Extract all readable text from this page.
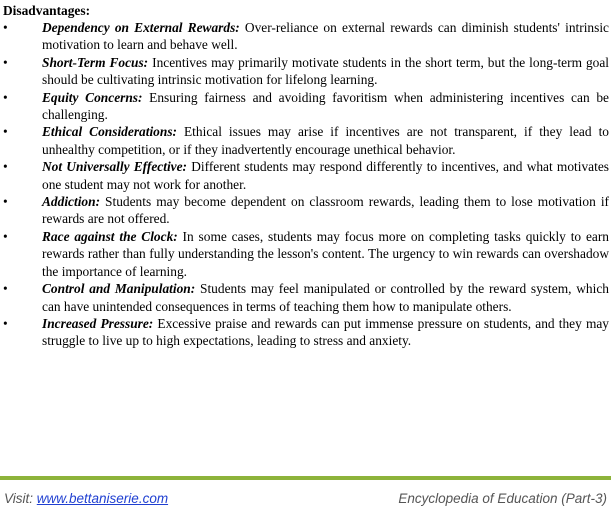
Disadvantages:

•	Dependency on External Rewards: Over-reliance on external rewards can diminish students' intrinsic motivation to learn and behave well.
•	Short-Term Focus: Incentives may primarily motivate students in the short term, but the long-term goal should be cultivating intrinsic motivation for lifelong learning.
•	Equity Concerns: Ensuring fairness and avoiding favoritism when administering incentives can be challenging.
•	Ethical Considerations: Ethical issues may arise if incentives are not transparent, if they lead to unhealthy competition, or if they inadvertently encourage unethical behavior.
•	Not Universally Effective: Different students may respond differently to incentives, and what motivates one student may not work for another.
•	Addiction: Students may become dependent on classroom rewards, leading them to lose motivation if rewards are not offered.
•	Race against the Clock: In some cases, students may focus more on completing tasks quickly to earn rewards rather than fully understanding the lesson's content. The urgency to win rewards can overshadow the importance of learning.
•	Control and Manipulation: Students may feel manipulated or controlled by the reward system, which can have unintended consequences in terms of teaching them how to manipulate others.
•	Increased Pressure: Excessive praise and rewards can put immense pressure on students, and they may struggle to live up to high expectations, leading to stress and anxiety.
Visit: www.bettaniserie.com	Encyclopedia of Education (Part-3)
